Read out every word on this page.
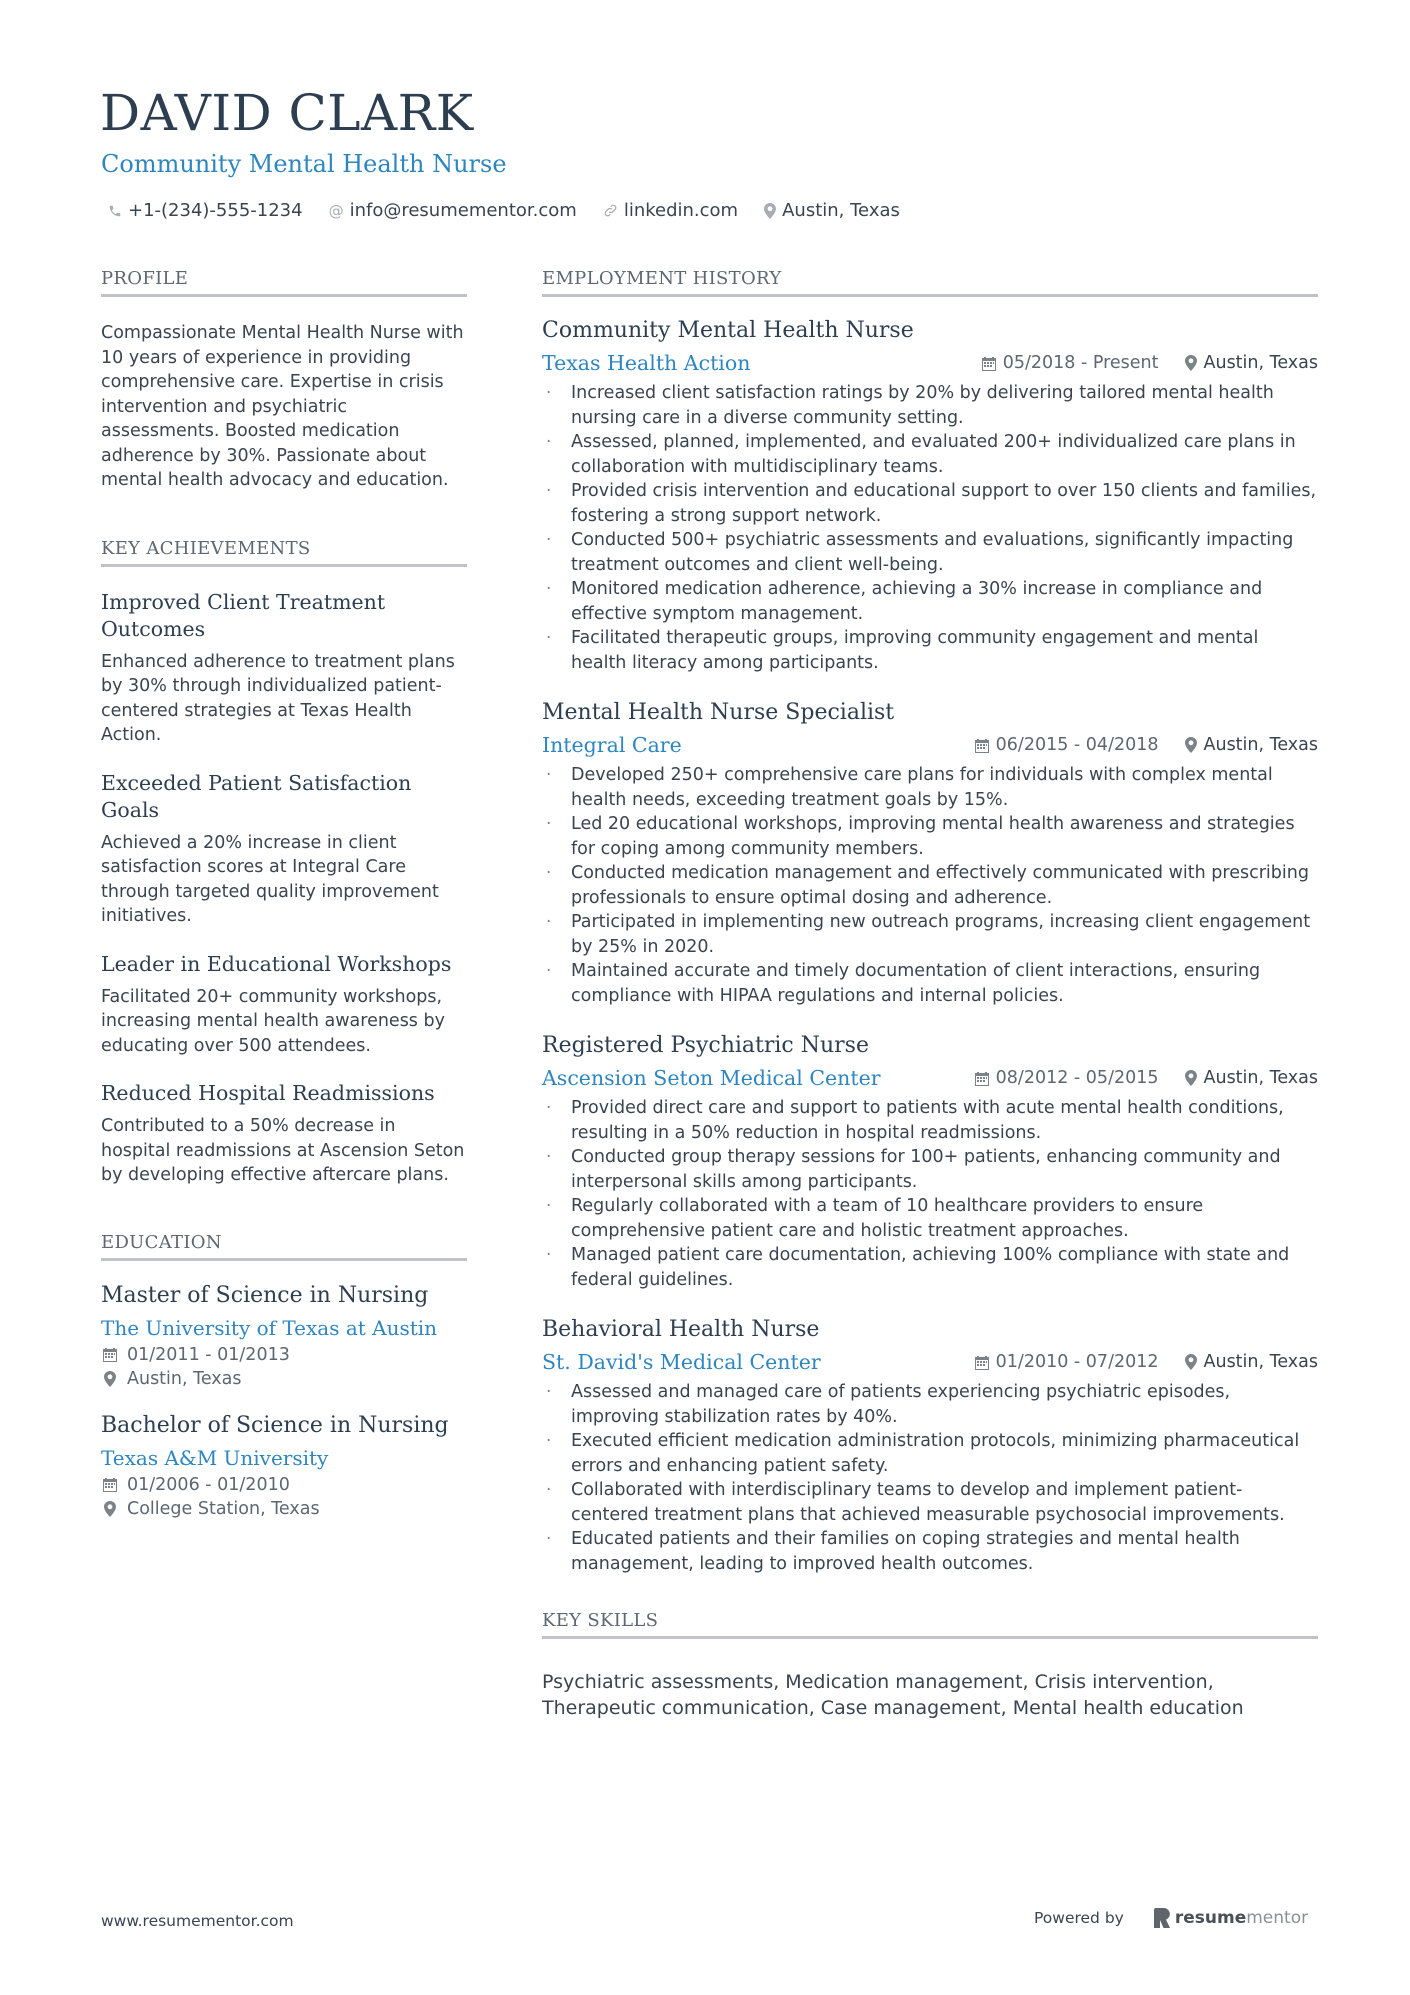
DAVID CLARK
Community Mental Health Nurse
+1-(234)-555-1234 @ info@resumementor.com	linkedin.com Austin, Texas
PROFILE
Compassionate Mental Health Nurse with 10 years of experience in providing comprehensive care. Expertise in crisis intervention and psychiatric assessments. Boosted medication adherence by 30%. Passionate about mental health advocacy and education.
KEY ACHIEVEMENTS
Improved Client Treatment Outcomes
Enhanced adherence to treatment plans by 30% through individualized patient-centered strategies at Texas Health Action.
Exceeded Patient Satisfaction Goals
Achieved a 20% increase in client satisfaction scores at Integral Care through targeted quality improvement initiatives.
Leader in Educational Workshops
Facilitated 20+ community workshops, increasing mental health awareness by educating over 500 attendees.
Reduced Hospital Readmissions
Contributed to a 50% decrease in hospital readmissions at Ascension Seton by developing effective aftercare plans.
EDUCATION
Master of Science in Nursing
The University of Texas at Austin
01/2011 - 01/2013
Austin, Texas
Bachelor of Science in Nursing
Texas A&M University
01/2006 - 01/2010
College Station, Texas
EMPLOYMENT HISTORY
Community Mental Health Nurse
Texas Health Action	05/2018 - Present	Austin, Texas
· Increased client satisfaction ratings by 20% by delivering tailored mental health nursing care in a diverse community setting.
· Assessed, planned, implemented, and evaluated 200+ individualized care plans in collaboration with multidisciplinary teams.
· Provided crisis intervention and educational support to over 150 clients and families, fostering a strong support network.
· Conducted 500+ psychiatric assessments and evaluations, significantly impacting treatment outcomes and client well-being.
· Monitored medication adherence, achieving a 30% increase in compliance and effective symptom management.
· Facilitated therapeutic groups, improving community engagement and mental health literacy among participants.
Mental Health Nurse Specialist
Integral Care	06/2015 - 04/2018	Austin, Texas
· Developed 250+ comprehensive care plans for individuals with complex mental health needs, exceeding treatment goals by 15%.
· Led 20 educational workshops, improving mental health awareness and strategies for coping among community members.
· Conducted medication management and effectively communicated with prescribing professionals to ensure optimal dosing and adherence.
· Participated in implementing new outreach programs, increasing client engagement by 25% in 2020.
· Maintained accurate and timely documentation of client interactions, ensuring compliance with HIPAA regulations and internal policies.
Registered Psychiatric Nurse
Ascension Seton Medical Center	08/2012 - 05/2015	Austin, Texas
· Provided direct care and support to patients with acute mental health conditions, resulting in a 50% reduction in hospital readmissions.
· Conducted group therapy sessions for 100+ patients, enhancing community and interpersonal skills among participants.
· Regularly collaborated with a team of 10 healthcare providers to ensure comprehensive patient care and holistic treatment approaches.
· Managed patient care documentation, achieving 100% compliance with state and federal guidelines.
Behavioral Health Nurse
St. David's Medical Center	01/2010 - 07/2012	Austin, Texas
· Assessed and managed care of patients experiencing psychiatric episodes, improving stabilization rates by 40%.
· Executed efficient medication administration protocols, minimizing pharmaceutical errors and enhancing patient safety.
· Collaborated with interdisciplinary teams to develop and implement patient-centered treatment plans that achieved measurable psychosocial improvements.
· Educated patients and their families on coping strategies and mental health management, leading to improved health outcomes.
KEY SKILLS
Psychiatric assessments, Medication management, Crisis intervention, Therapeutic communication, Case management, Mental health education
www.resumementor.com	Powered by	resume mentor
